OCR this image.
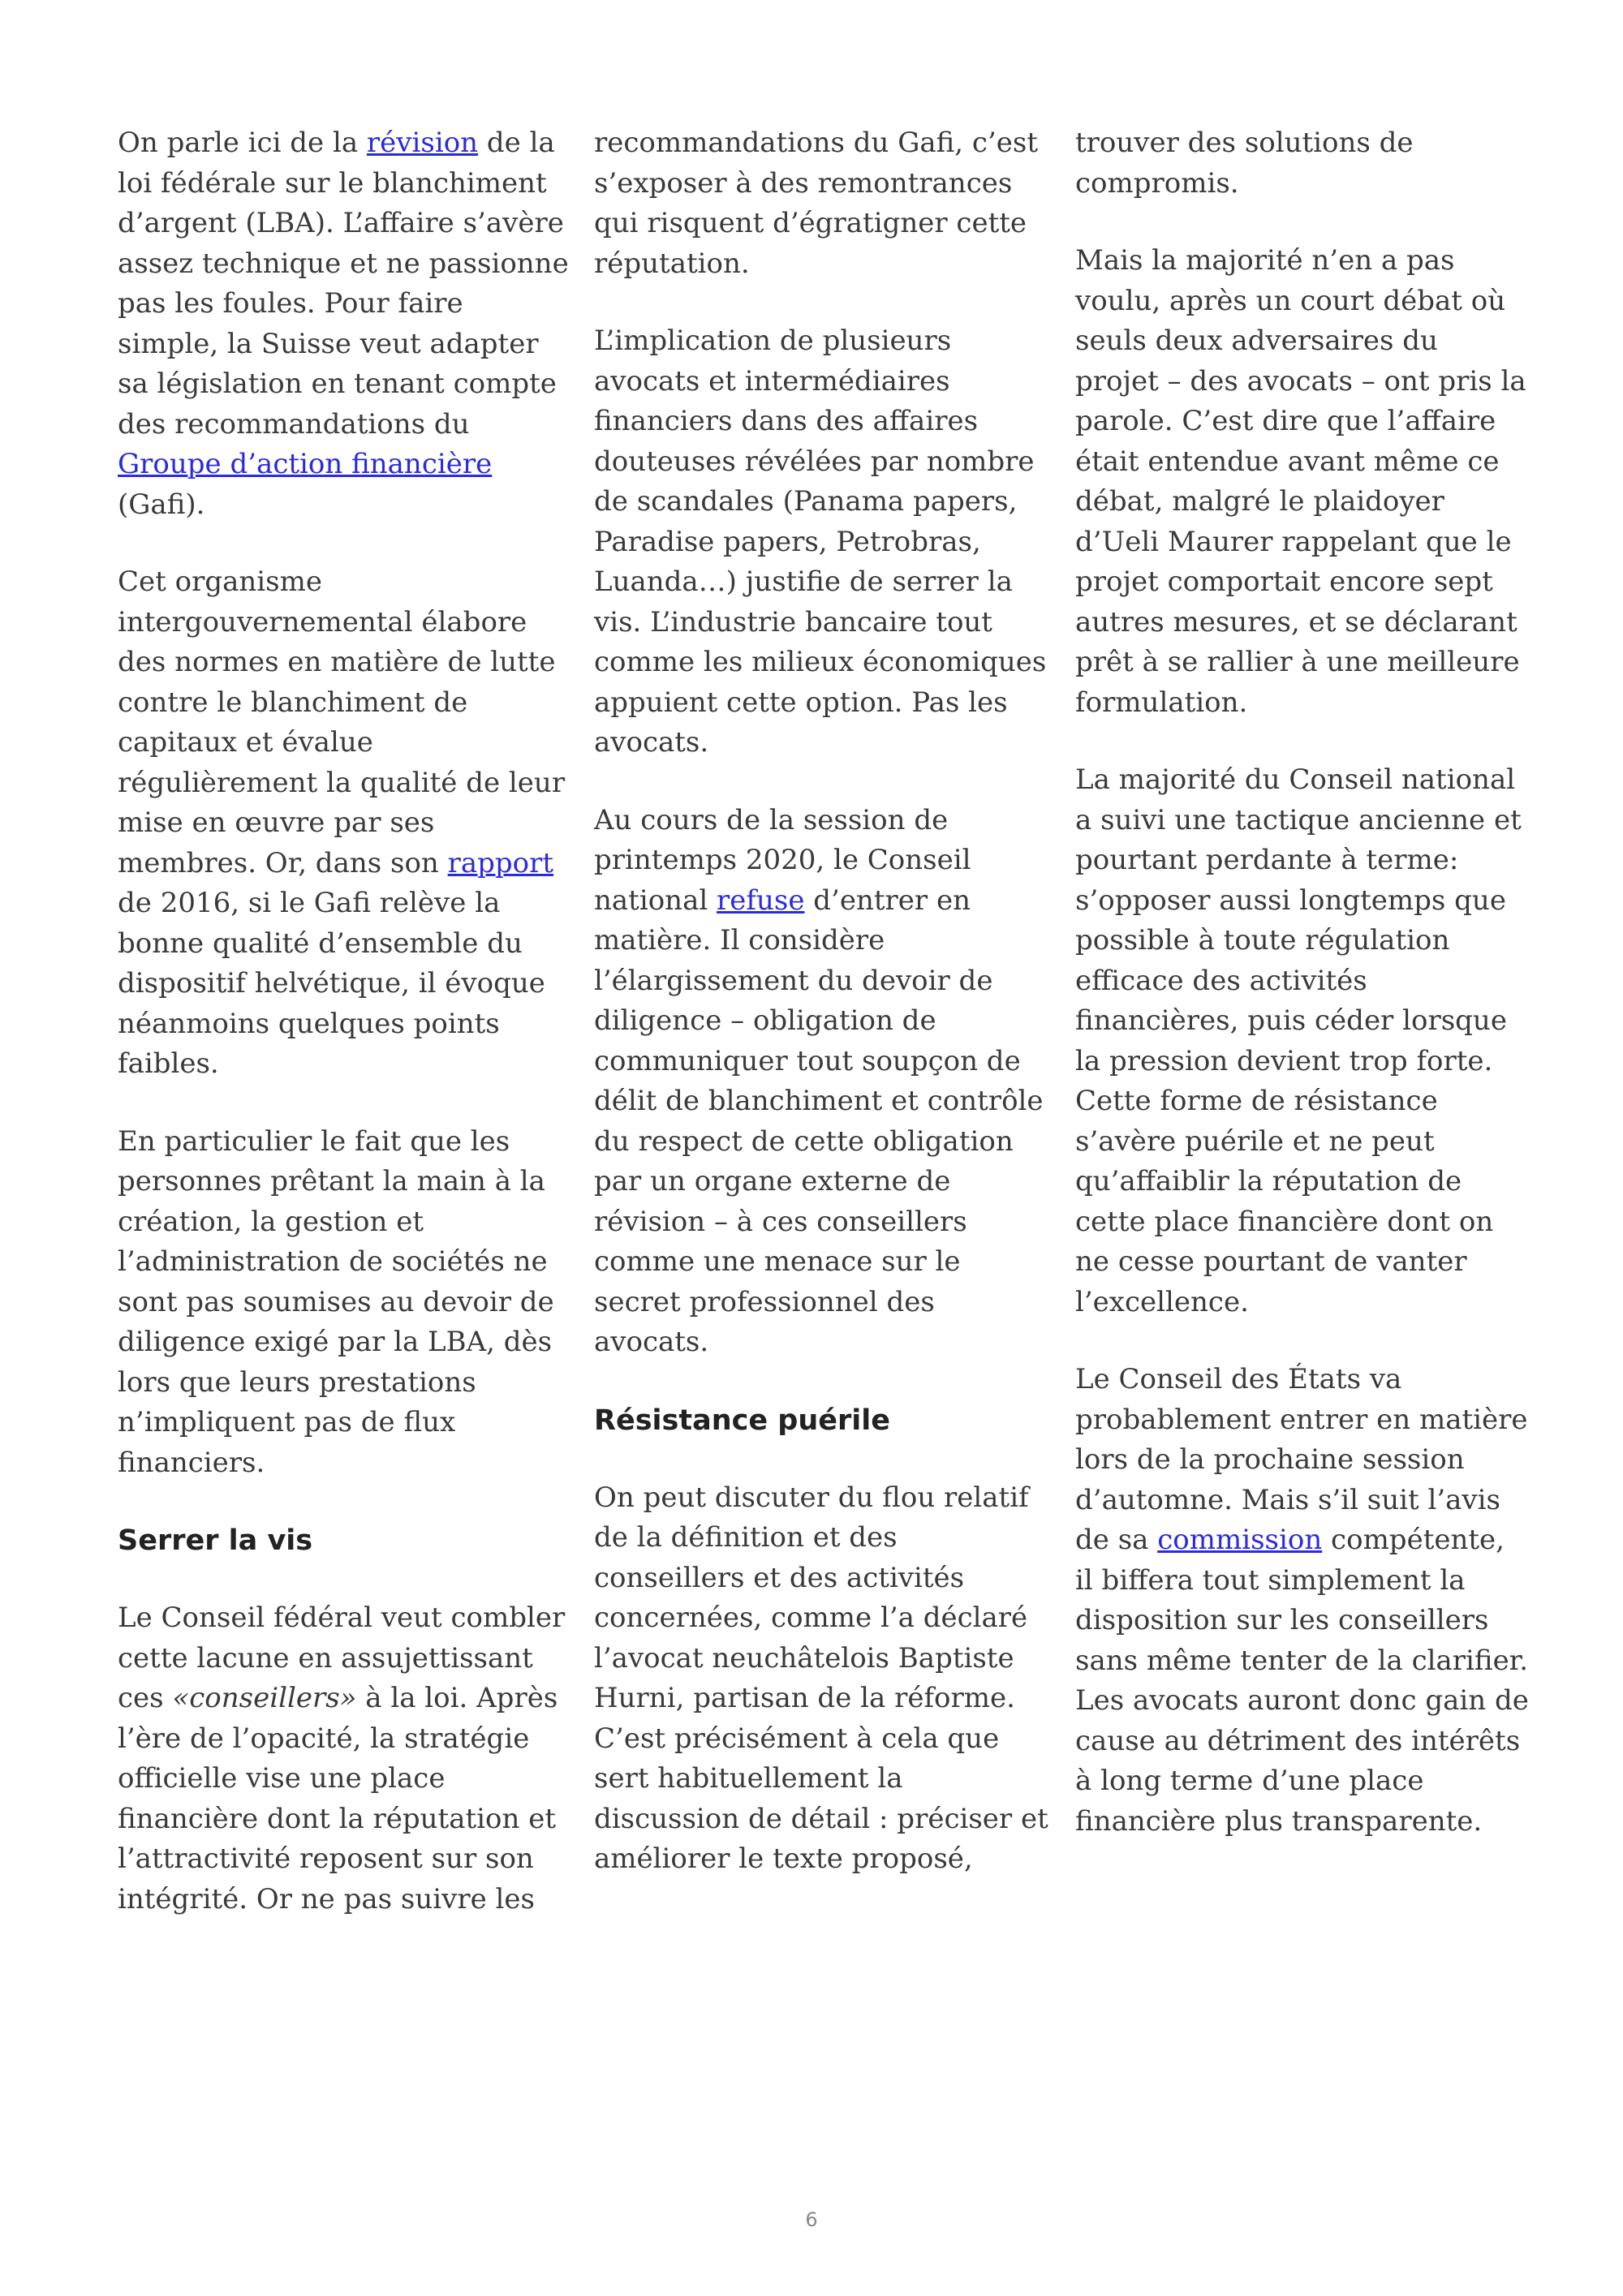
On parle ici de la révision de la loi fédérale sur le blanchiment d’argent (LBA). L’affaire s’avère assez technique et ne passionne pas les foules. Pour faire simple, la Suisse veut adapter sa législation en tenant compte des recommandations du Groupe d’action financière (Gafi).

Cet organisme intergouvernemental élabore des normes en matière de lutte contre le blanchiment de capitaux et évalue régulièrement la qualité de leur mise en œuvre par ses membres. Or, dans son rapport de 2016, si le Gafi relève la bonne qualité d’ensemble du dispositif helvétique, il évoque néanmoins quelques points faibles.

En particulier le fait que les personnes prêtant la main à la création, la gestion et l’administration de sociétés ne sont pas soumises au devoir de diligence exigé par la LBA, dès lors que leurs prestations n’impliquent pas de flux financiers.

Serrer la vis

Le Conseil fédéral veut combler cette lacune en assujettissant ces «conseillers» à la loi. Après l’ère de l’opacité, la stratégie officielle vise une place financière dont la réputation et l’attractivité reposent sur son intégrité. Or ne pas suivre les

recommandations du Gafi, c’est s’exposer à des remontrances qui risquent d’égratigner cette réputation.

L’implication de plusieurs avocats et intermédiaires financiers dans des affaires douteuses révélées par nombre de scandales (Panama papers, Paradise papers, Petrobras, Luanda…) justifie de serrer la vis. L’industrie bancaire tout comme les milieux économiques appuient cette option. Pas les avocats.

Au cours de la session de printemps 2020, le Conseil national refuse d’entrer en matière. Il considère l’élargissement du devoir de diligence – obligation de communiquer tout soupçon de délit de blanchiment et contrôle du respect de cette obligation par un organe externe de révision – à ces conseillers comme une menace sur le secret professionnel des avocats.

Résistance puérile

On peut discuter du flou relatif de la définition et des conseillers et des activités concernées, comme l’a déclaré l’avocat neuchâtelois Baptiste Hurni, partisan de la réforme. C’est précisément à cela que sert habituellement la discussion de détail : préciser et améliorer le texte proposé,

trouver des solutions de compromis.

Mais la majorité n’en a pas voulu, après un court débat où seuls deux adversaires du projet – des avocats – ont pris la parole. C’est dire que l’affaire était entendue avant même ce débat, malgré le plaidoyer d’Ueli Maurer rappelant que le projet comportait encore sept autres mesures, et se déclarant prêt à se rallier à une meilleure formulation.

La majorité du Conseil national a suivi une tactique ancienne et pourtant perdante à terme: s’opposer aussi longtemps que possible à toute régulation efficace des activités financières, puis céder lorsque la pression devient trop forte. Cette forme de résistance s’avère puérile et ne peut qu’affaiblir la réputation de cette place financière dont on ne cesse pourtant de vanter l’excellence.

Le Conseil des États va probablement entrer en matière lors de la prochaine session d’automne. Mais s’il suit l’avis de sa commission compétente, il biffera tout simplement la disposition sur les conseillers sans même tenter de la clarifier. Les avocats auront donc gain de cause au détriment des intérêts à long terme d’une place financière plus transparente.

6
